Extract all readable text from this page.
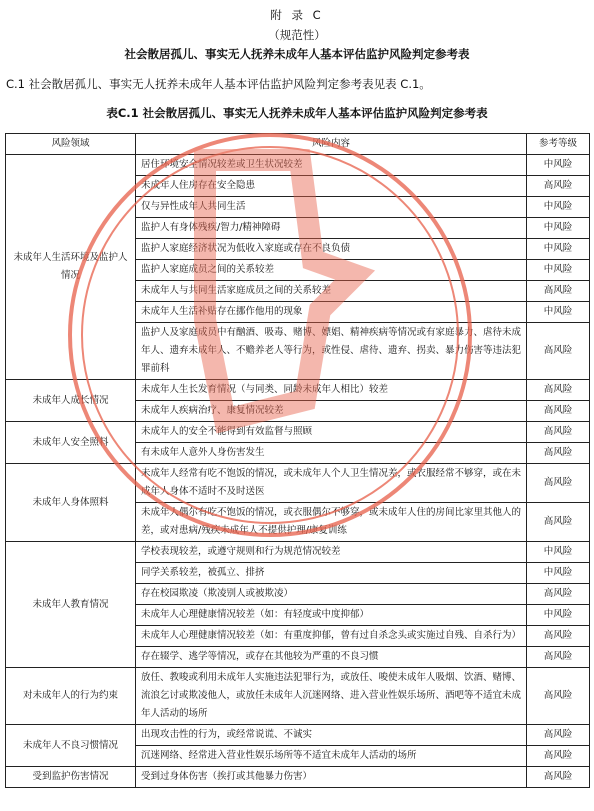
附 录 C
（规范性）
社会散居孤儿、事实无人抚养未成年人基本评估监护风险判定参考表
C.1 社会散居孤儿、事实无人抚养未成年人基本评估监护风险判定参考表见表 C.1。
表C.1 社会散居孤儿、事实无人抚养未成年人基本评估监护风险判定参考表
风险领域	风险内容	参考等级
未成年人生活环境及监护人情况	居住环境安全情况较差或卫生状况较差	中风险
	未成年人住房存在安全隐患	高风险
	仅与异性成年人共同生活	中风险
	监护人有身体残疾/智力/精神障碍	中风险
	监护人家庭经济状况为低收入家庭或存在不良负债	中风险
	监护人家庭成员之间的关系较差	中风险
	未成年人与共同生活家庭成员之间的关系较差	高风险
	未成年人生活补贴存在挪作他用的现象	中风险
	监护人及家庭成员中有酗酒、吸毒、赌博、嫖娼、精神疾病等情况或有家庭暴力、虐待未成年人、遗弃未成年人、不赡养老人等行为，或性侵、虐待、遗弃、拐卖、暴力伤害等违法犯罪前科	高风险
未成年人成长情况	未成年人生长发育情况（与同类、同龄未成年人相比）较差	高风险
	未成年人疾病治疗、康复情况较差	高风险
未成年人安全照料	未成年人的安全不能得到有效监督与照顾	高风险
	有未成年人意外人身伤害发生	高风险
未成年人身体照料	未成年人经常有吃不饱饭的情况，或未成年人个人卫生情况差，或衣服经常不够穿，或在未成年人身体不适时不及时送医	高风险
	未成年人偶尔有吃不饱饭的情况，或衣服偶尔不够穿，或未成年人住的房间比家里其他人的差，或对患病/残疾未成年人不提供护理/康复训练	高风险
未成年人教育情况	学校表现较差，或遵守规则和行为规范情况较差	中风险
	同学关系较差，被孤立、排挤	中风险
	存在校园欺凌（欺凌别人或被欺凌）	高风险
	未成年人心理健康情况较差（如：有轻度或中度抑郁）	中风险
	未成年人心理健康情况较差（如：有重度抑郁，曾有过自杀念头或实施过自残、自杀行为）	高风险
	存在辍学、逃学等情况，或存在其他较为严重的不良习惯	高风险
对未成年人的行为约束	放任、教唆或利用未成年人实施违法犯罪行为，或放任、唆使未成年人吸烟、饮酒、赌博、流浪乞讨或欺凌他人，或放任未成年人沉迷网络、进入营业性娱乐场所、酒吧等不适宜未成年人活动的场所	高风险
未成年人不良习惯情况	出现攻击性的行为，或经常说谎、不诚实	高风险
	沉迷网络、经常进入营业性娱乐场所等不适宜未成年人活动的场所	高风险
受到监护伤害情况	受到过身体伤害（挨打或其他暴力伤害）	高风险
